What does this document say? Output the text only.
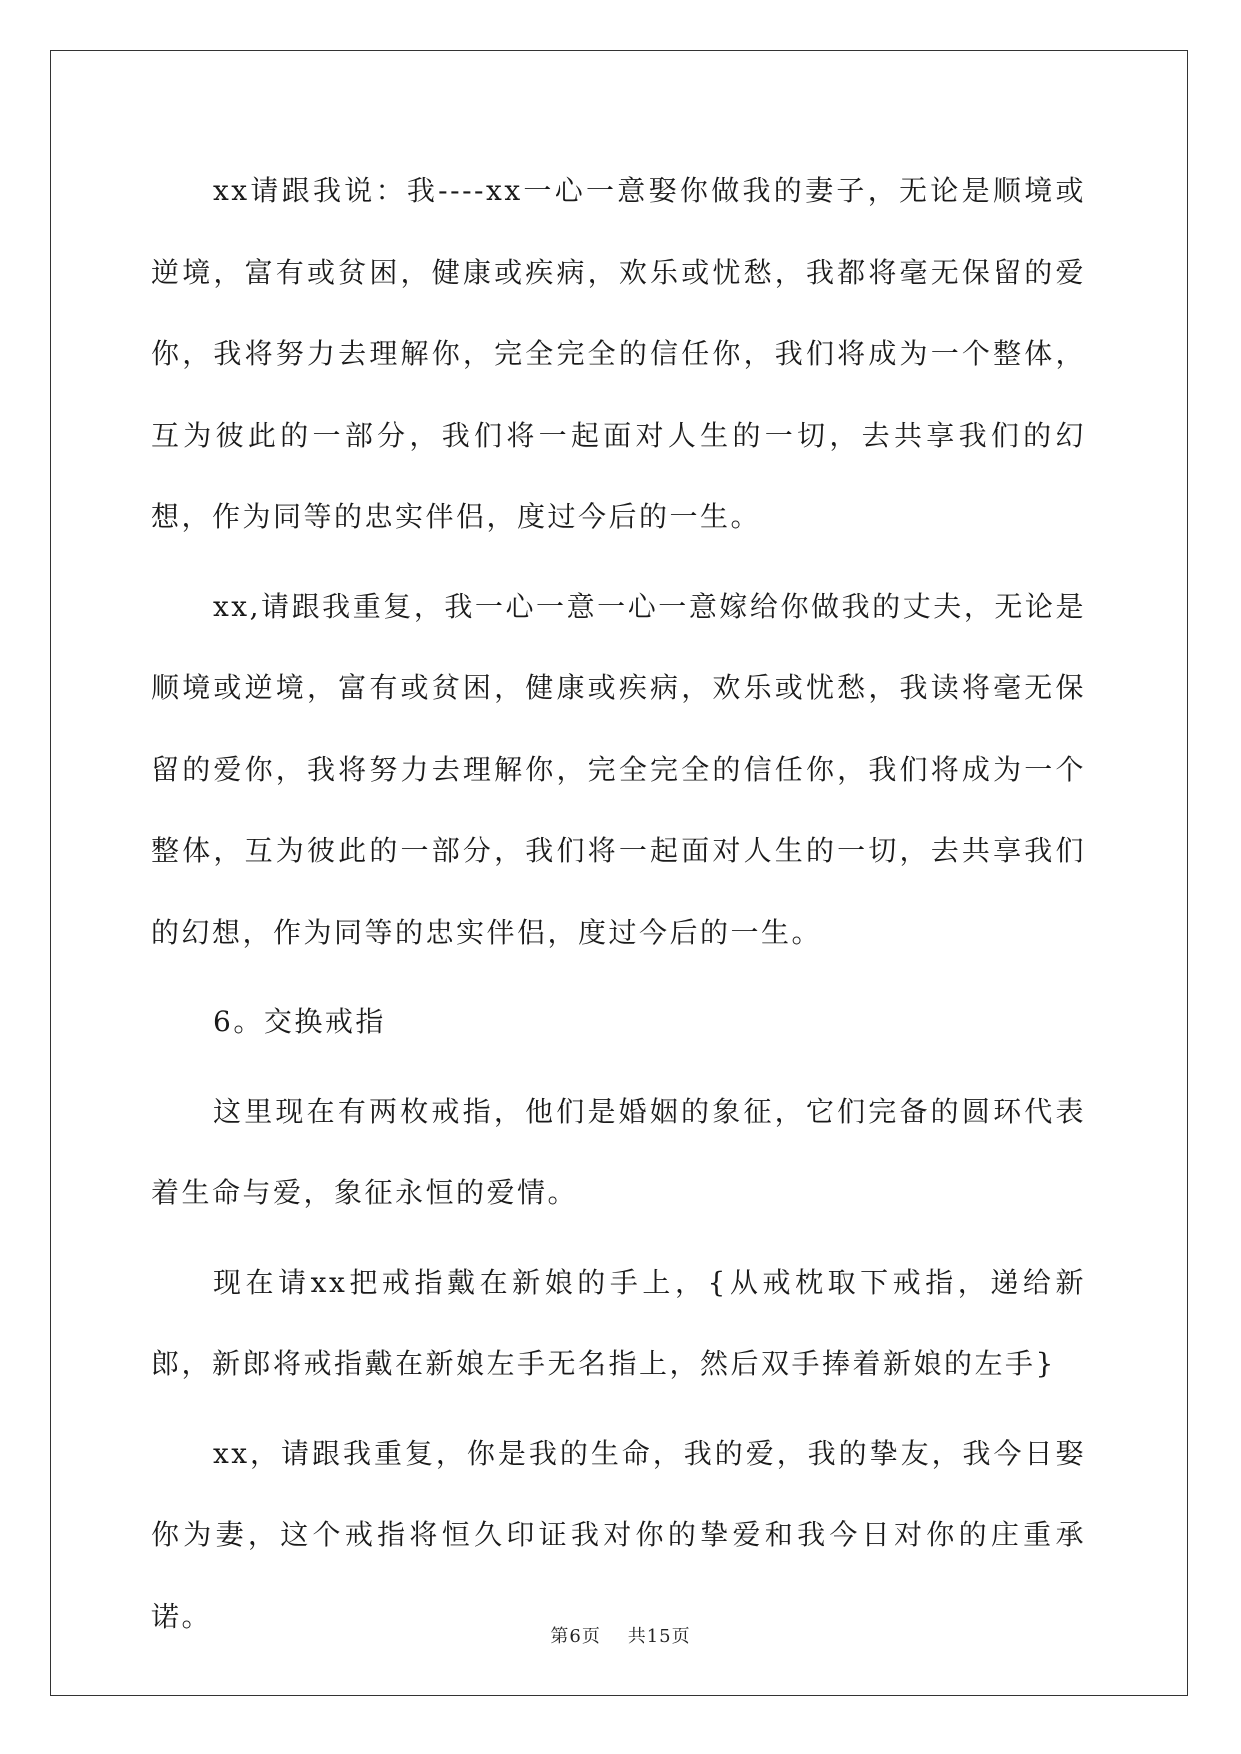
xx请跟我说：我----xx一心一意娶你做我的妻子，无论是顺境或逆境，富有或贫困，健康或疾病，欢乐或忧愁，我都将毫无保留的爱你，我将努力去理解你，完全完全的信任你，我们将成为一个整体，互为彼此的一部分，我们将一起面对人生的一切，去共享我们的幻想，作为同等的忠实伴侣，度过今后的一生。

xx,请跟我重复，我一心一意一心一意嫁给你做我的丈夫，无论是顺境或逆境，富有或贫困，健康或疾病，欢乐或忧愁，我读将毫无保留的爱你，我将努力去理解你，完全完全的信任你，我们将成为一个整体，互为彼此的一部分，我们将一起面对人生的一切，去共享我们的幻想，作为同等的忠实伴侣，度过今后的一生。

6。交换戒指

这里现在有两枚戒指，他们是婚姻的象征，它们完备的圆环代表着生命与爱，象征永恒的爱情。

现在请xx把戒指戴在新娘的手上，{从戒枕取下戒指，递给新郎，新郎将戒指戴在新娘左手无名指上，然后双手捧着新娘的左手}

xx，请跟我重复，你是我的生命，我的爱，我的挚友，我今日娶你为妻，这个戒指将恒久印证我对你的挚爱和我今日对你的庄重承诺。

第6页 共15页
